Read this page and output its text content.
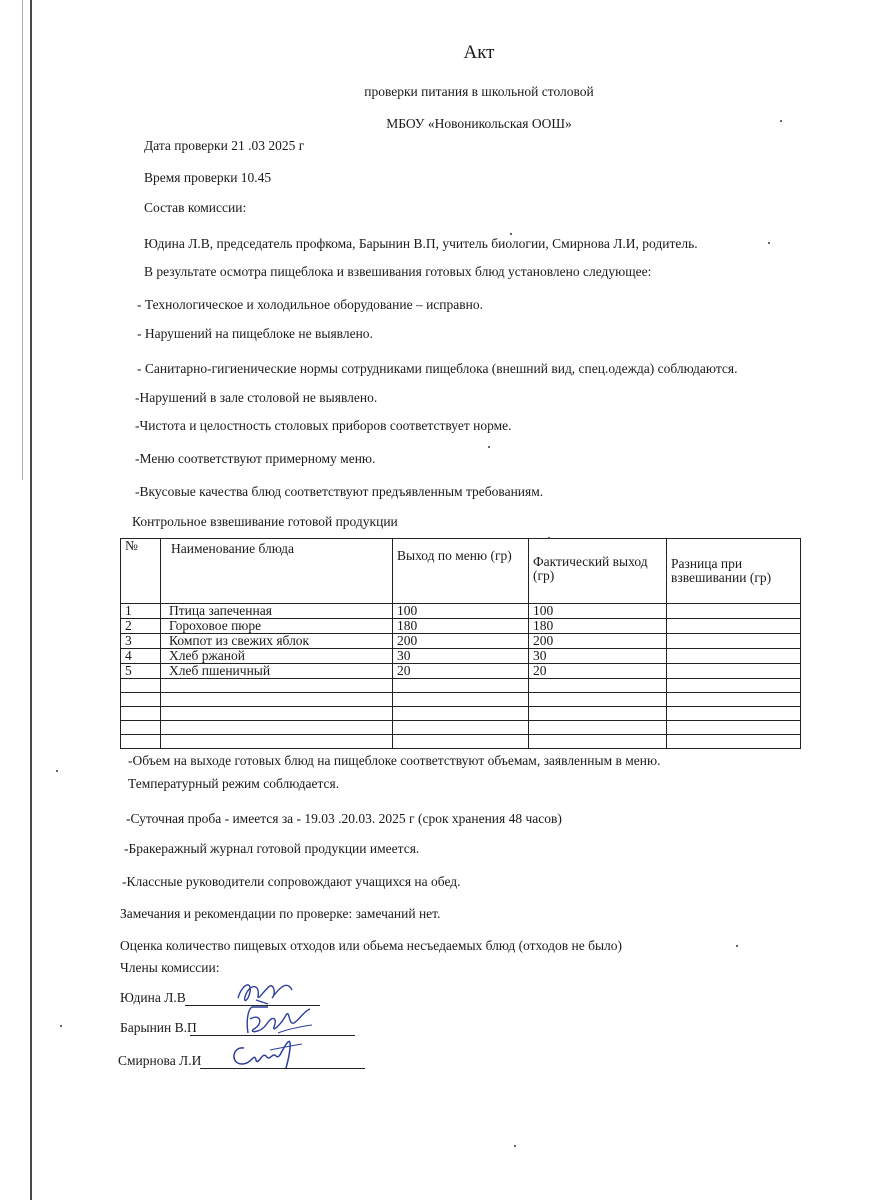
Акт
проверки питания в школьной столовой
МБОУ «Новоникольская ООШ»
Дата проверки 21 .03 2025 г
Время проверки 10.45
Состав комиссии:
Юдина Л.В, председатель профкома, Барынин В.П, учитель биологии, Смирнова Л.И, родитель.
В результате осмотра пищеблока и взвешивания готовых блюд установлено следующее:
- Технологическое и холодильное оборудование – исправно.
- Нарушений на пищеблоке не выявлено.
- Санитарно-гигиенические нормы сотрудниками пищеблока (внешний вид, спец.одежда) соблюдаются.
-Нарушений в зале столовой не выявлено.
-Чистота и целостность столовых приборов соответствует норме.
-Меню соответствуют примерному меню.
-Вкусовые качества блюд соответствуют предъявленным требованиям.
Контрольное взвешивание готовой продукции
№	Наименование блюда	Выход по меню (гр)	Фактический выход (гр)	Разница при взвешивании (гр)
1	Птица запеченная	100	100	
2	Гороховое пюре	180	180	
3	Компот из свежих яблок	200	200	
4	Хлеб ржаной	30	30	
5	Хлеб пшеничный	20	20	

-Объем на выходе готовых блюд на пищеблоке соответствуют объемам, заявленным в меню.
Температурный режим соблюдается.
-Суточная проба - имеется за - 19.03 .20.03. 2025 г (срок хранения 48 часов)
-Бракеражный журнал готовой продукции имеется.
-Классные руководители сопровождают учащихся на обед.
Замечания и рекомендации по проверке: замечаний нет.
Оценка количество пищевых отходов или обьема несъедаемых блюд (отходов не было)
Члены комиссии:
Юдина Л.В
Барынин В.П
Смирнова Л.И
